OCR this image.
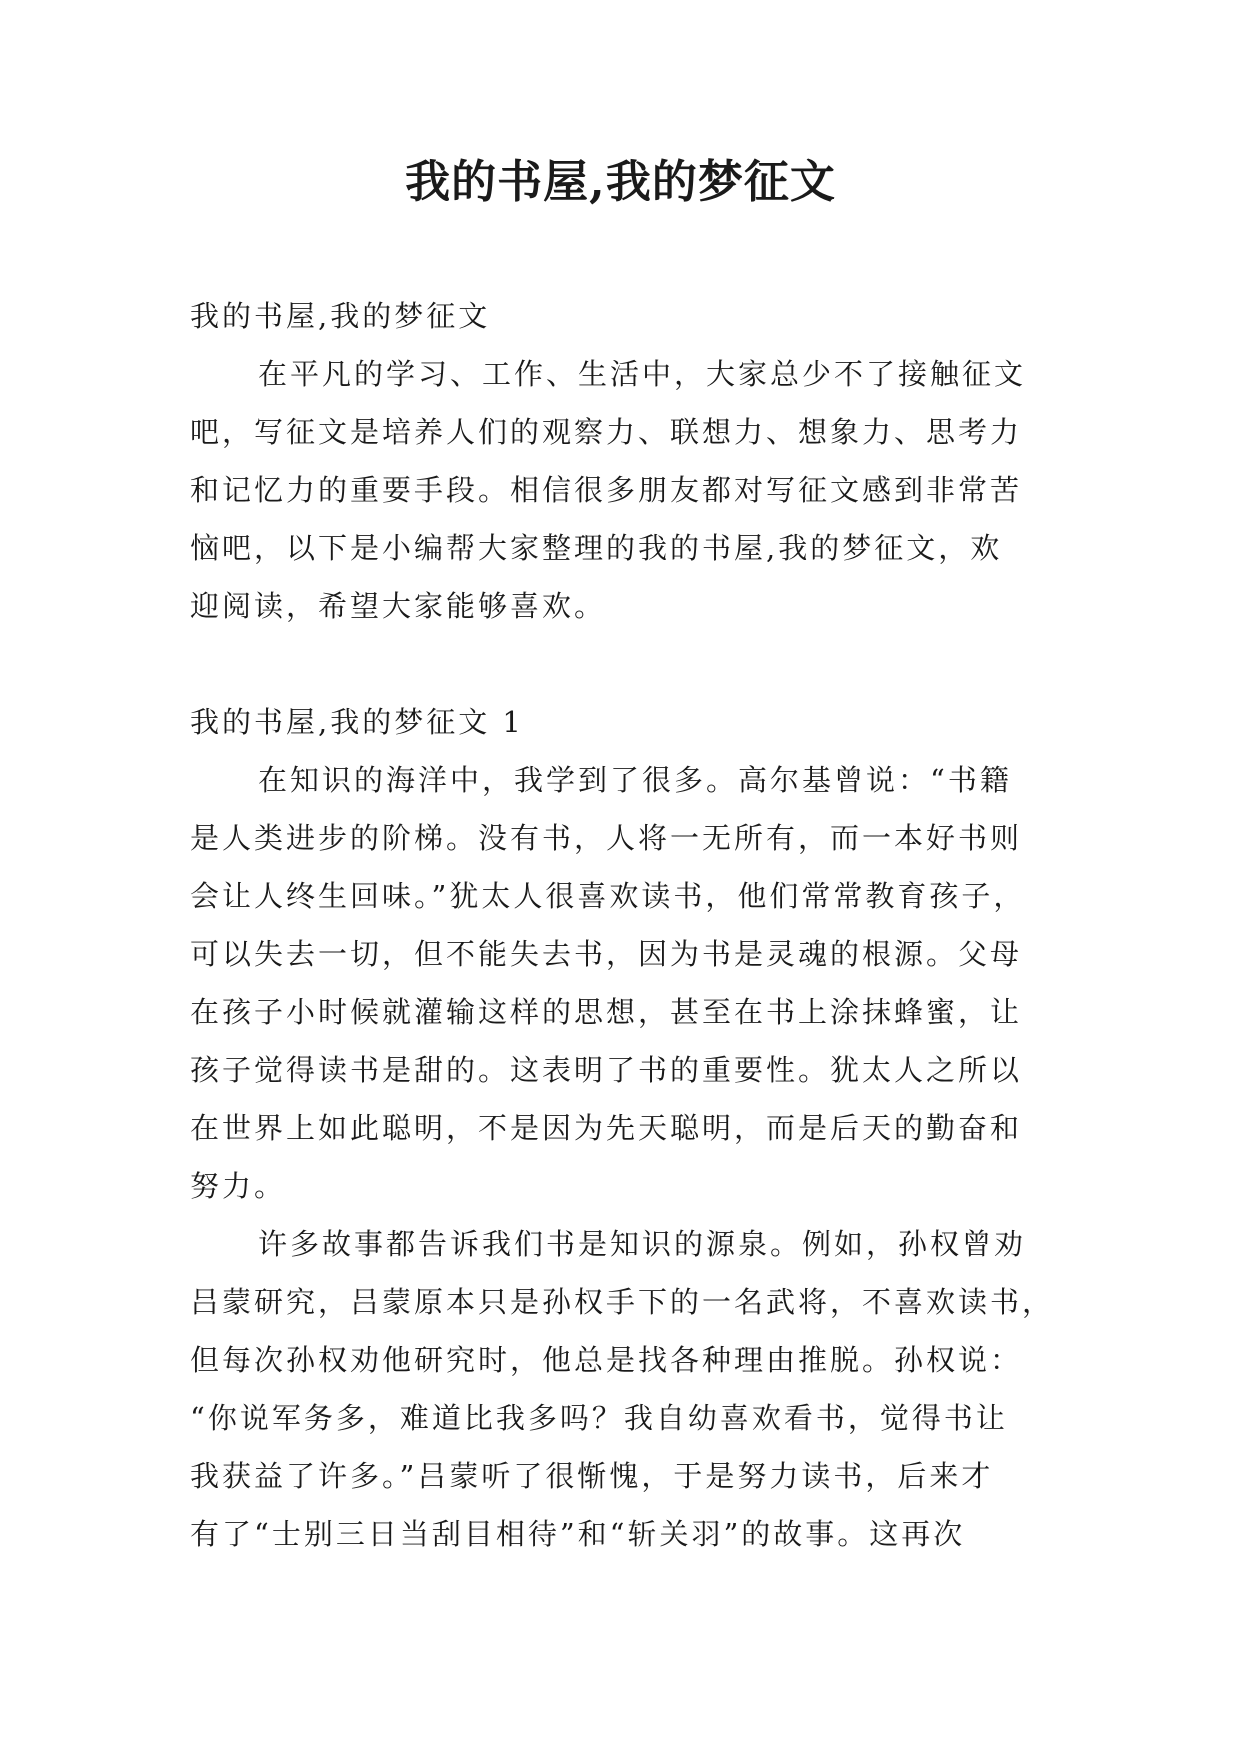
我的书屋,我的梦征文

我的书屋,我的梦征文

在平凡的学习、工作、生活中，大家总少不了接触征文

吧，写征文是培养人们的观察力、联想力、想象力、思考力

和记忆力的重要手段。相信很多朋友都对写征文感到非常苦

恼吧，以下是小编帮大家整理的我的书屋,我的梦征文，欢

迎阅读，希望大家能够喜欢。

我的书屋,我的梦征文 1

在知识的海洋中，我学到了很多。高尔基曾说：“书籍

是人类进步的阶梯。没有书，人将一无所有，而一本好书则

会让人终生回味。”犹太人很喜欢读书，他们常常教育孩子，

可以失去一切，但不能失去书，因为书是灵魂的根源。父母

在孩子小时候就灌输这样的思想，甚至在书上涂抹蜂蜜，让

孩子觉得读书是甜的。这表明了书的重要性。犹太人之所以

在世界上如此聪明，不是因为先天聪明，而是后天的勤奋和

努力。

许多故事都告诉我们书是知识的源泉。例如，孙权曾劝

吕蒙研究，吕蒙原本只是孙权手下的一名武将，不喜欢读书，

但每次孙权劝他研究时，他总是找各种理由推脱。孙权说：

“你说军务多，难道比我多吗？我自幼喜欢看书，觉得书让

我获益了许多。”吕蒙听了很惭愧，于是努力读书，后来才

有了“士别三日当刮目相待”和“斩关羽”的故事。这再次
